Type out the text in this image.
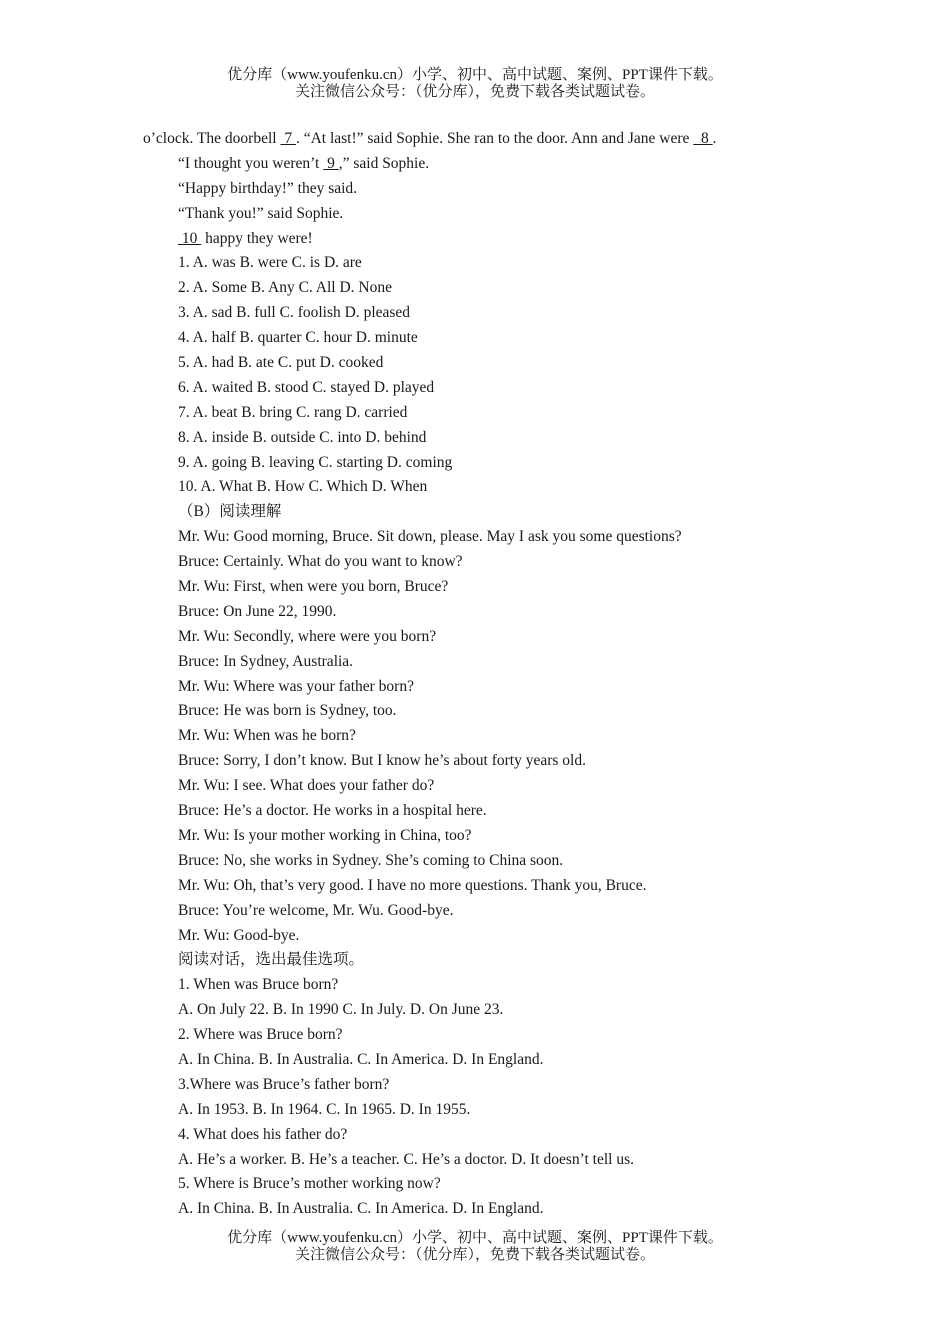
优分库（www.youfenku.cn）小学、初中、高中试题、案例、PPT课件下载。
关注微信公众号：（优分库），免费下载各类试题试卷。
o’clock. The doorbell  7 . “At last!” said Sophie. She ran to the door. Ann and Jane were   8 .
“I thought you weren’t  9 ,” said Sophie.
“Happy birthday!” they said.
“Thank you!” said Sophie.
10  happy they were!
1. A. was B. were C. is D. are
2. A. Some B. Any C. All D. None
3. A. sad B. full C. foolish D. pleased
4. A. half B. quarter C. hour D. minute
5. A. had B. ate C. put D. cooked
6. A. waited B. stood C. stayed D. played
7. A. beat B. bring C. rang D. carried
8. A. inside B. outside C. into D. behind
9. A. going B. leaving C. starting D. coming
10. A. What B. How C. Which D. When
（B）阅读理解
Mr. Wu: Good morning, Bruce. Sit down, please. May I ask you some questions?
Bruce: Certainly. What do you want to know?
Mr. Wu: First, when were you born, Bruce?
Bruce: On June 22, 1990.
Mr. Wu: Secondly, where were you born?
Bruce: In Sydney, Australia.
Mr. Wu: Where was your father born?
Bruce: He was born is Sydney, too.
Mr. Wu: When was he born?
Bruce: Sorry, I don’t know. But I know he’s about forty years old.
Mr. Wu: I see. What does your father do?
Bruce: He’s a doctor. He works in a hospital here.
Mr. Wu: Is your mother working in China, too?
Bruce: No, she works in Sydney. She’s coming to China soon.
Mr. Wu: Oh, that’s very good. I have no more questions. Thank you, Bruce.
Bruce: You’re welcome, Mr. Wu. Good-bye.
Mr. Wu: Good-bye.
阅读对话，选出最佳选项。
1. When was Bruce born?
A. On July 22. B. In 1990 C. In July. D. On June 23.
2. Where was Bruce born?
A. In China. B. In Australia. C. In America. D. In England.
3.Where was Bruce’s father born?
A. In 1953. B. In 1964. C. In 1965. D. In 1955.
4. What does his father do?
A. He’s a worker. B. He’s a teacher. C. He’s a doctor. D. It doesn’t tell us.
5. Where is Bruce’s mother working now?
A. In China. B. In Australia. C. In America. D. In England.
优分库（www.youfenku.cn）小学、初中、高中试题、案例、PPT课件下载。
关注微信公众号：（优分库），免费下载各类试题试卷。
